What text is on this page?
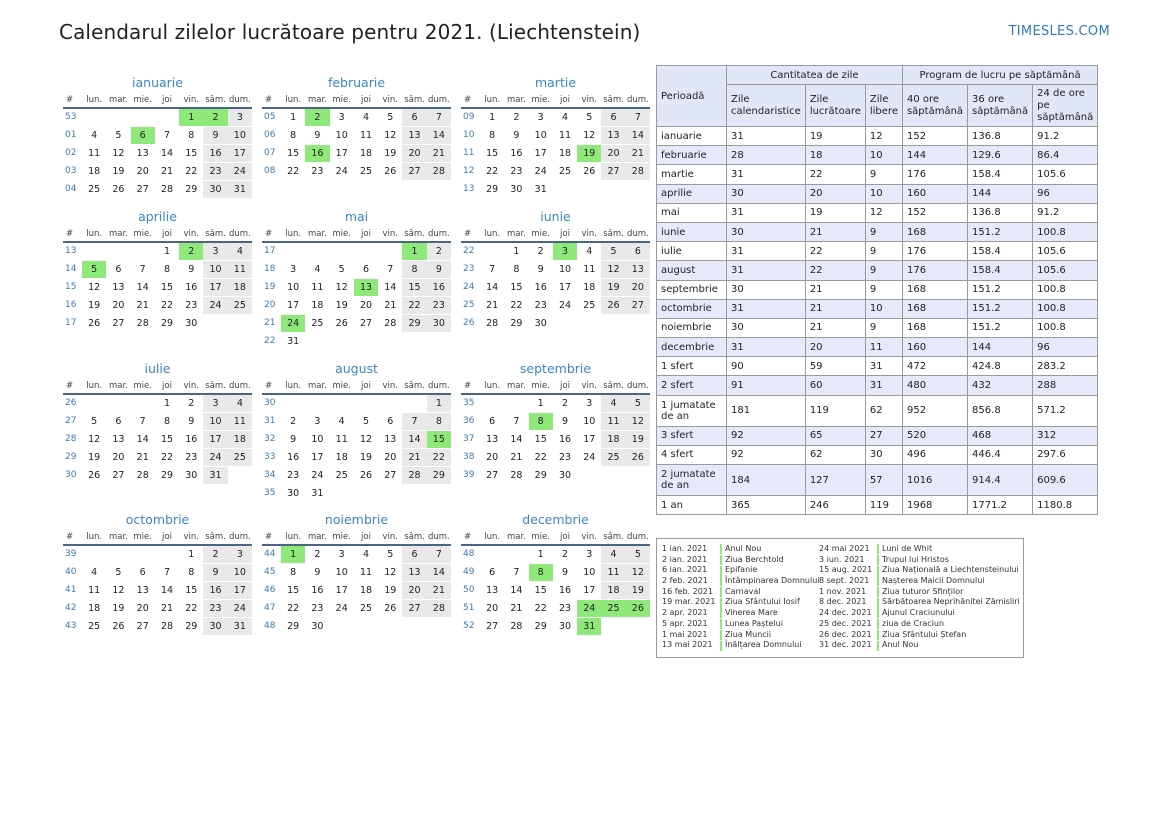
Calendarul zilelor lucrătoare pentru 2021. (Liechtenstein)	TIMESLES.COM
ianuarie
#	lun.	mar.	mie.	joi	vin.	sâm.	dum.
53					1	2	3
01	4	5	6	7	8	9	10
02	11	12	13	14	15	16	17
03	18	19	20	21	22	23	24
04	25	26	27	28	29	30	31
februarie
#	lun.	mar.	mie.	joi	vin.	sâm.	dum.
05	1	2	3	4	5	6	7
06	8	9	10	11	12	13	14
07	15	16	17	18	19	20	21
08	22	23	24	25	26	27	28
martie
#	lun.	mar.	mie.	joi	vin.	sâm.	dum.
09	1	2	3	4	5	6	7
10	8	9	10	11	12	13	14
11	15	16	17	18	19	20	21
12	22	23	24	25	26	27	28
13	29	30	31				
aprilie
#	lun.	mar.	mie.	joi	vin.	sâm.	dum.
13				1	2	3	4
14	5	6	7	8	9	10	11
15	12	13	14	15	16	17	18
16	19	20	21	22	23	24	25
17	26	27	28	29	30		
mai
#	lun.	mar.	mie.	joi	vin.	sâm.	dum.
17						1	2
18	3	4	5	6	7	8	9
19	10	11	12	13	14	15	16
20	17	18	19	20	21	22	23
21	24	25	26	27	28	29	30
22	31						
iunie
#	lun.	mar.	mie.	joi	vin.	sâm.	dum.
22		1	2	3	4	5	6
23	7	8	9	10	11	12	13
24	14	15	16	17	18	19	20
25	21	22	23	24	25	26	27
26	28	29	30				
iulie
#	lun.	mar.	mie.	joi	vin.	sâm.	dum.
26				1	2	3	4
27	5	6	7	8	9	10	11
28	12	13	14	15	16	17	18
29	19	20	21	22	23	24	25
30	26	27	28	29	30	31	
august
#	lun.	mar.	mie.	joi	vin.	sâm.	dum.
30							1
31	2	3	4	5	6	7	8
32	9	10	11	12	13	14	15
33	16	17	18	19	20	21	22
34	23	24	25	26	27	28	29
35	30	31					
septembrie
#	lun.	mar.	mie.	joi	vin.	sâm.	dum.
35			1	2	3	4	5
36	6	7	8	9	10	11	12
37	13	14	15	16	17	18	19
38	20	21	22	23	24	25	26
39	27	28	29	30			
octombrie
#	lun.	mar.	mie.	joi	vin.	sâm.	dum.
39					1	2	3
40	4	5	6	7	8	9	10
41	11	12	13	14	15	16	17
42	18	19	20	21	22	23	24
43	25	26	27	28	29	30	31
noiembrie
#	lun.	mar.	mie.	joi	vin.	sâm.	dum.
44	1	2	3	4	5	6	7
45	8	9	10	11	12	13	14
46	15	16	17	18	19	20	21
47	22	23	24	25	26	27	28
48	29	30					
decembrie
#	lun.	mar.	mie.	joi	vin.	sâm.	dum.
48			1	2	3	4	5
49	6	7	8	9	10	11	12
50	13	14	15	16	17	18	19
51	20	21	22	23	24	25	26
52	27	28	29	30	31		
Perioadă	Cantitatea de zile			Program de lucru pe săptămână		
	Zile calendaristice	Zile lucrătoare	Zile libere	40 ore săptămână	36 ore săptămână	24 de ore pe săptămână
ianuarie	31	19	12	152	136.8	91.2
februarie	28	18	10	144	129.6	86.4
martie	31	22	9	176	158.4	105.6
aprilie	30	20	10	160	144	96
mai	31	19	12	152	136.8	91.2
iunie	30	21	9	168	151.2	100.8
iulie	31	22	9	176	158.4	105.6
august	31	22	9	176	158.4	105.6
septembrie	30	21	9	168	151.2	100.8
octombrie	31	21	10	168	151.2	100.8
noiembrie	30	21	9	168	151.2	100.8
decembrie	31	20	11	160	144	96
1 sfert	90	59	31	472	424.8	283.2
2 sfert	91	60	31	480	432	288
1 jumatate de an	181	119	62	952	856.8	571.2
3 sfert	92	65	27	520	468	312
4 sfert	92	62	30	496	446.4	297.6
2 jumatate de an	184	127	57	1016	914.4	609.6
1 an	365	246	119	1968	1771.2	1180.8
1 ian. 2021	Anul Nou
2 ian. 2021	Ziua Berchtold
6 ian. 2021	Epifanie
2 feb. 2021	Întâmpinarea Domnului
16 feb. 2021	Carnaval
19 mar. 2021	Ziua Sfântului Iosif
2 apr. 2021	Vinerea Mare
5 apr. 2021	Lunea Paștelui
1 mai 2021	Ziua Muncii
13 mai 2021	Înălțarea Domnului
24 mai 2021	Luni de Whit
3 iun. 2021	Trupul lui Hristos
15 aug. 2021	Ziua Națională a Liechtensteinului
8 sept. 2021	Nașterea Maicii Domnului
1 nov. 2021	Ziua tuturor Sfinților
8 dec. 2021	Sărbătoarea Neprihănitei Zămisliri
24 dec. 2021	Ajunul Craciunului
25 dec. 2021	ziua de Craciun
26 dec. 2021	Ziua Sfântului Ștefan
31 dec. 2021	Anul Nou
